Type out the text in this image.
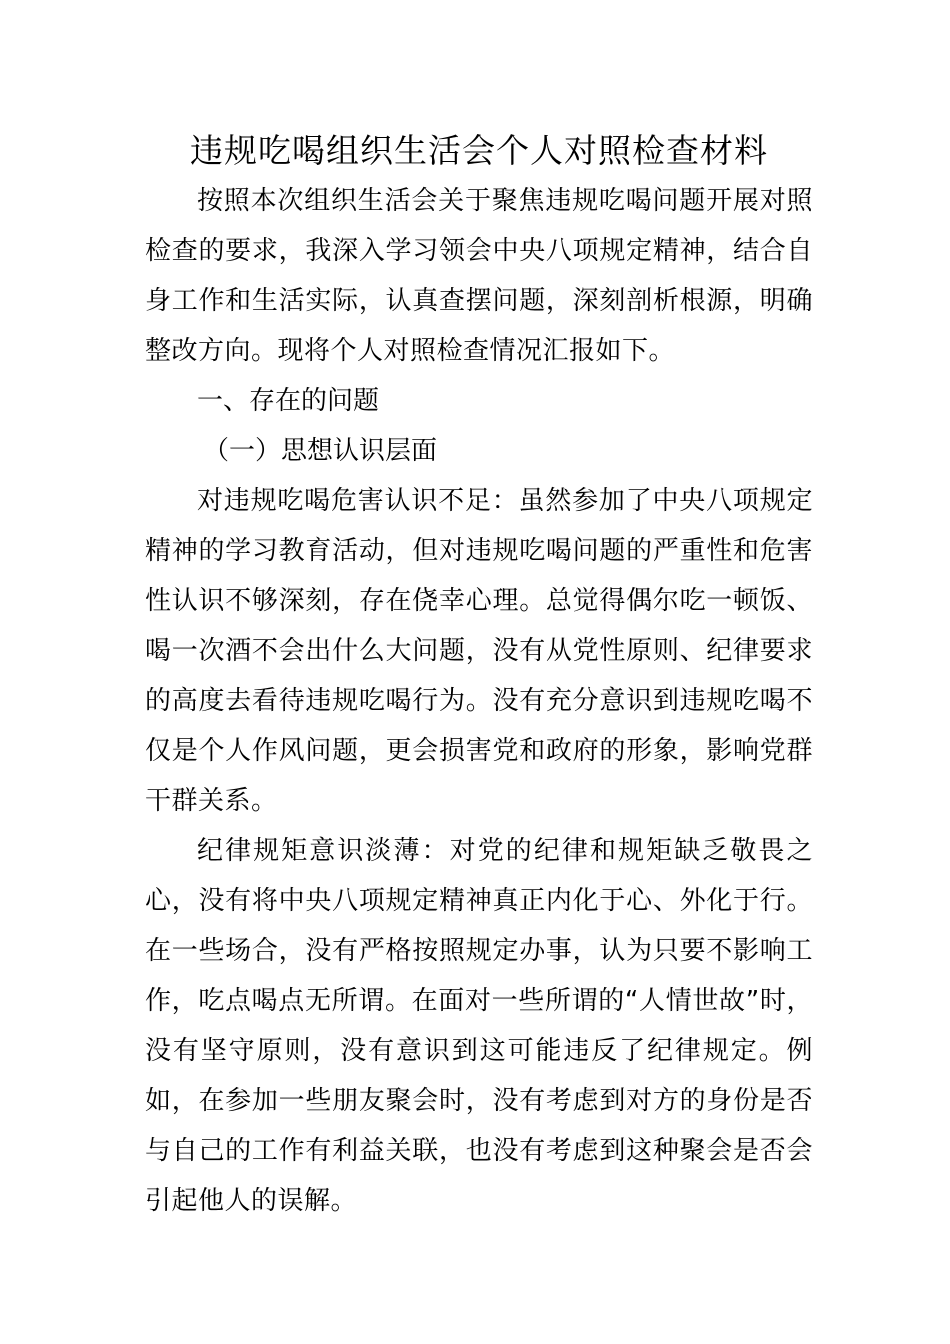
违规吃喝组织生活会个人对照检查材料

按照本次组织生活会关于聚焦违规吃喝问题开展对照检查的要求，我深入学习领会中央八项规定精神，结合自身工作和生活实际，认真查摆问题，深刻剖析根源，明确整改方向。现将个人对照检查情况汇报如下。

一、存在的问题

（一）思想认识层面

对违规吃喝危害认识不足：虽然参加了中央八项规定精神的学习教育活动，但对违规吃喝问题的严重性和危害性认识不够深刻，存在侥幸心理。总觉得偶尔吃一顿饭、喝一次酒不会出什么大问题，没有从党性原则、纪律要求的高度去看待违规吃喝行为。没有充分意识到违规吃喝不仅是个人作风问题，更会损害党和政府的形象，影响党群干群关系。

纪律规矩意识淡薄：对党的纪律和规矩缺乏敬畏之心，没有将中央八项规定精神真正内化于心、外化于行。在一些场合，没有严格按照规定办事，认为只要不影响工作，吃点喝点无所谓。在面对一些所谓的“人情世故”时，没有坚守原则，没有意识到这可能违反了纪律规定。例如，在参加一些朋友聚会时，没有考虑到对方的身份是否与自己的工作有利益关联，也没有考虑到这种聚会是否会引起他人的误解。
